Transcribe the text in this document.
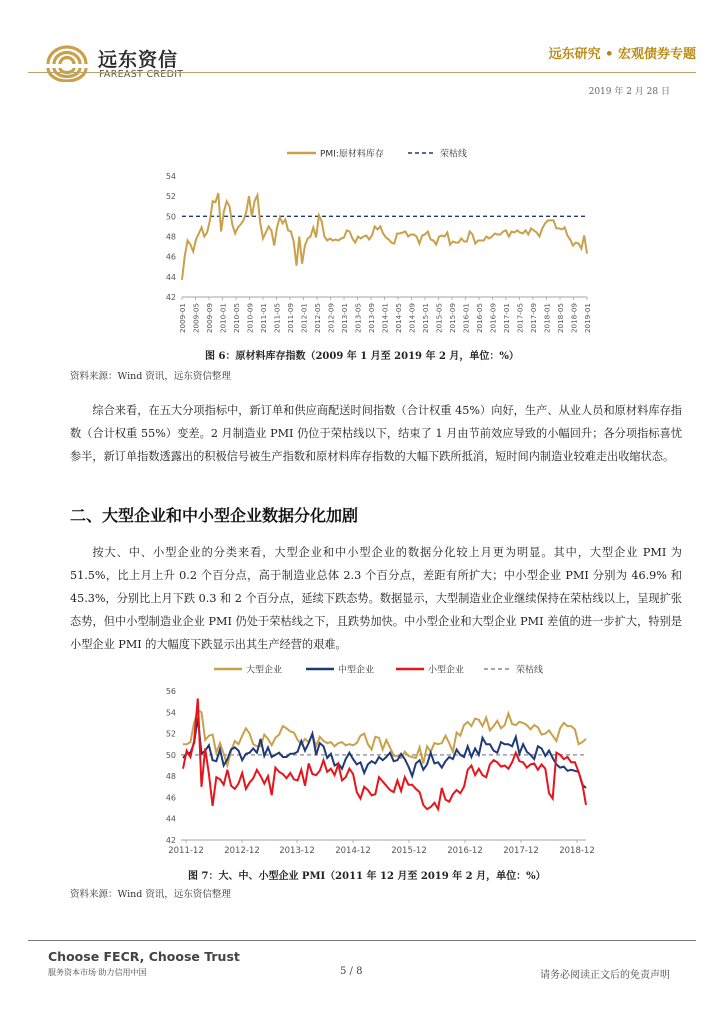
远东资信
FAREAST CREDIT
远东研究 • 宏观债券专题
2019 年 2 月 28 日
42
44
46
48
50
52
54
2009-01 2009-05 2009-09 2010-01 2010-05 2010-09 2011-01 2011-05 2011-09 2012-01 2012-05 2012-09 2013-01 2013-05 2013-09 2014-01 2014-05 2014-09 2015-01 2015-05 2015-09 2016-01 2016-05 2016-09 2017-01 2017-05 2017-09 2018-01 2018-05 2018-09 2019-01
PMI:原材料库存	荣枯线
图 6：原材料库存指数（2009 年 1 月至 2019 年 2 月，单位：%）
资料来源：Wind 资讯，远东资信整理
综合来看，在五大分项指标中，新订单和供应商配送时间指数（合计权重 45%）向好，生产、从业人员和原材料库存指数（合计权重 55%）变差。2 月制造业 PMI 仍位于荣枯线以下，结束了 1 月由节前效应导致的小幅回升；各分项指标喜忧参半，新订单指数透露出的积极信号被生产指数和原材料库存指数的大幅下跌所抵消，短时间内制造业较难走出收缩状态。
二、大型企业和中小型企业数据分化加剧
按大、中、小型企业的分类来看，大型企业和中小型企业的数据分化较上月更为明显。其中，大型企业 PMI 为 51.5%，比上月上升 0.2 个百分点，高于制造业总体 2.3 个百分点，差距有所扩大；中小型企业 PMI 分别为 46.9% 和 45.3%，分别比上月下跌 0.3 和 2 个百分点，延续下跌态势。数据显示，大型制造业企业继续保持在荣枯线以上，呈现扩张态势，但中小型制造业企业 PMI 仍处于荣枯线之下，且跌势加快。中小型企业和大型企业 PMI 差值的进一步扩大，特别是小型企业 PMI 的大幅度下跌显示出其生产经营的艰难。
42
44
46
48
50
52
54
56
2011-12 2012-12 2013-12 2014-12 2015-12 2016-12 2017-12 2018-12
大型企业	中型企业	小型企业	荣枯线
图 7：大、中、小型企业 PMI（2011 年 12 月至 2019 年 2 月，单位：%）
资料来源：Wind 资讯，远东资信整理
Choose FECR, Choose Trust
服务资本市场 助力信用中国	5 / 8	请务必阅读正文后的免责声明
